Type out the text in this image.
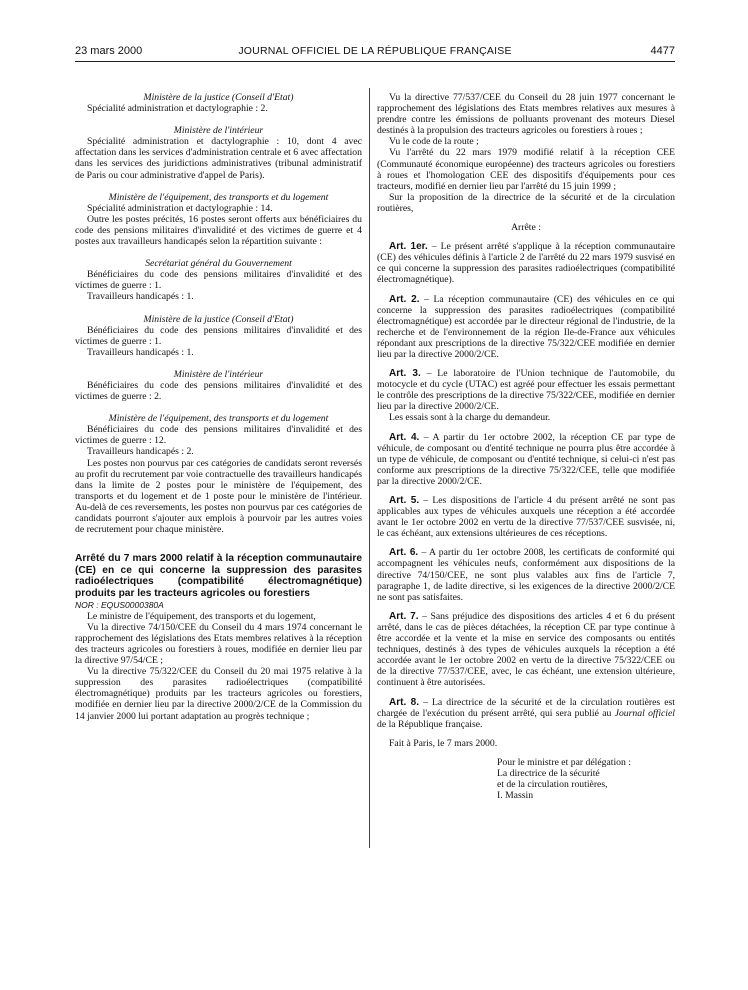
23 mars 2000	JOURNAL OFFICIEL DE LA RÉPUBLIQUE FRANÇAISE	4477

Ministère de la justice (Conseil d'Etat)

Spécialité administration et dactylographie : 2.

Ministère de l'intérieur

Spécialité administration et dactylographie : 10, dont 4 avec affectation dans les services d'administration centrale et 6 avec affectation dans les services des juridictions administratives (tribunal administratif de Paris ou cour administrative d'appel de Paris).

Ministère de l'équipement, des transports et du logement

Spécialité administration et dactylographie : 14.

Outre les postes précités, 16 postes seront offerts aux bénéficiaires du code des pensions militaires d'invalidité et des victimes de guerre et 4 postes aux travailleurs handicapés selon la répartition suivante :

Secrétariat général du Gouvernement

Bénéficiaires du code des pensions militaires d'invalidité et des victimes de guerre : 1.

Travailleurs handicapés : 1.

Ministère de la justice (Conseil d'Etat)

Bénéficiaires du code des pensions militaires d'invalidité et des victimes de guerre : 1.

Travailleurs handicapés : 1.

Ministère de l'intérieur

Bénéficiaires du code des pensions militaires d'invalidité et des victimes de guerre : 2.

Ministère de l'équipement, des transports et du logement

Bénéficiaires du code des pensions militaires d'invalidité et des victimes de guerre : 12.

Travailleurs handicapés : 2.

Les postes non pourvus par ces catégories de candidats seront reversés au profit du recrutement par voie contractuelle des travailleurs handicapés dans la limite de 2 postes pour le ministère de l'équipement, des transports et du logement et de 1 poste pour le ministère de l'intérieur. Au-delà de ces reversements, les postes non pourvus par ces catégories de candidats pourront s'ajouter aux emplois à pourvoir par les autres voies de recrutement pour chaque ministère.

Arrêté du 7 mars 2000 relatif à la réception communautaire (CE) en ce qui concerne la suppression des parasites radioélectriques (compatibilité électromagnétique) produits par les tracteurs agricoles ou forestiers

NOR : EQUS0000380A

Le ministre de l'équipement, des transports et du logement,

Vu la directive 74/150/CEE du Conseil du 4 mars 1974 concernant le rapprochement des législations des Etats membres relatives à la réception des tracteurs agricoles ou forestiers à roues, modifiée en dernier lieu par la directive 97/54/CE ;

Vu la directive 75/322/CEE du Conseil du 20 mai 1975 relative à la suppression des parasites radioélectriques (compatibilité électromagnétique) produits par les tracteurs agricoles ou forestiers, modifiée en dernier lieu par la directive 2000/2/CE de la Commission du 14 janvier 2000 lui portant adaptation au progrès technique ;

Vu la directive 77/537/CEE du Conseil du 28 juin 1977 concernant le rapprochement des législations des Etats membres relatives aux mesures à prendre contre les émissions de polluants provenant des moteurs Diesel destinés à la propulsion des tracteurs agricoles ou forestiers à roues ;

Vu le code de la route ;

Vu l'arrêté du 22 mars 1979 modifié relatif à la réception CEE (Communauté économique européenne) des tracteurs agricoles ou forestiers à roues et l'homologation CEE des dispositifs d'équipements pour ces tracteurs, modifié en dernier lieu par l'arrêté du 15 juin 1999 ;

Sur la proposition de la directrice de la sécurité et de la circulation routières,

Arrête :

Art. 1er. – Le présent arrêté s'applique à la réception communautaire (CE) des véhicules définis à l'article 2 de l'arrêté du 22 mars 1979 susvisé en ce qui concerne la suppression des parasites radioélectriques (compatibilité électromagnétique).

Art. 2. – La réception communautaire (CE) des véhicules en ce qui concerne la suppression des parasites radioélectriques (compatibilité électromagnétique) est accordée par le directeur régional de l'industrie, de la recherche et de l'environnement de la région Ile-de-France aux véhicules répondant aux prescriptions de la directive 75/322/CEE modifiée en dernier lieu par la directive 2000/2/CE.

Art. 3. – Le laboratoire de l'Union technique de l'automobile, du motocycle et du cycle (UTAC) est agréé pour effectuer les essais permettant le contrôle des prescriptions de la directive 75/322/CEE, modifiée en dernier lieu par la directive 2000/2/CE.

Les essais sont à la charge du demandeur.

Art. 4. – A partir du 1er octobre 2002, la réception CE par type de véhicule, de composant ou d'entité technique ne pourra plus être accordée à un type de véhicule, de composant ou d'entité technique, si celui-ci n'est pas conforme aux prescriptions de la directive 75/322/CEE, telle que modifiée par la directive 2000/2/CE.

Art. 5. – Les dispositions de l'article 4 du présent arrêté ne sont pas applicables aux types de véhicules auxquels une réception a été accordée avant le 1er octobre 2002 en vertu de la directive 77/537/CEE susvisée, ni, le cas échéant, aux extensions ultérieures de ces réceptions.

Art. 6. – A partir du 1er octobre 2008, les certificats de conformité qui accompagnent les véhicules neufs, conformément aux dispositions de la directive 74/150/CEE, ne sont plus valables aux fins de l'article 7, paragraphe 1, de ladite directive, si les exigences de la directive 2000/2/CE ne sont pas satisfaites.

Art. 7. – Sans préjudice des dispositions des articles 4 et 6 du présent arrêté, dans le cas de pièces détachées, la réception CE par type continue à être accordée et la vente et la mise en service des composants ou entités techniques, destinés à des types de véhicules auxquels la réception a été accordée avant le 1er octobre 2002 en vertu de la directive 75/322/CEE ou de la directive 77/537/CEE, avec, le cas échéant, une extension ultérieure, continuent à être autorisées.

Art. 8. – La directrice de la sécurité et de la circulation routières est chargée de l'exécution du présent arrêté, qui sera publié au Journal officiel de la République française.

Fait à Paris, le 7 mars 2000.

Pour le ministre et par délégation :

La directrice de la sécurité

et de la circulation routières,

I. Massin
